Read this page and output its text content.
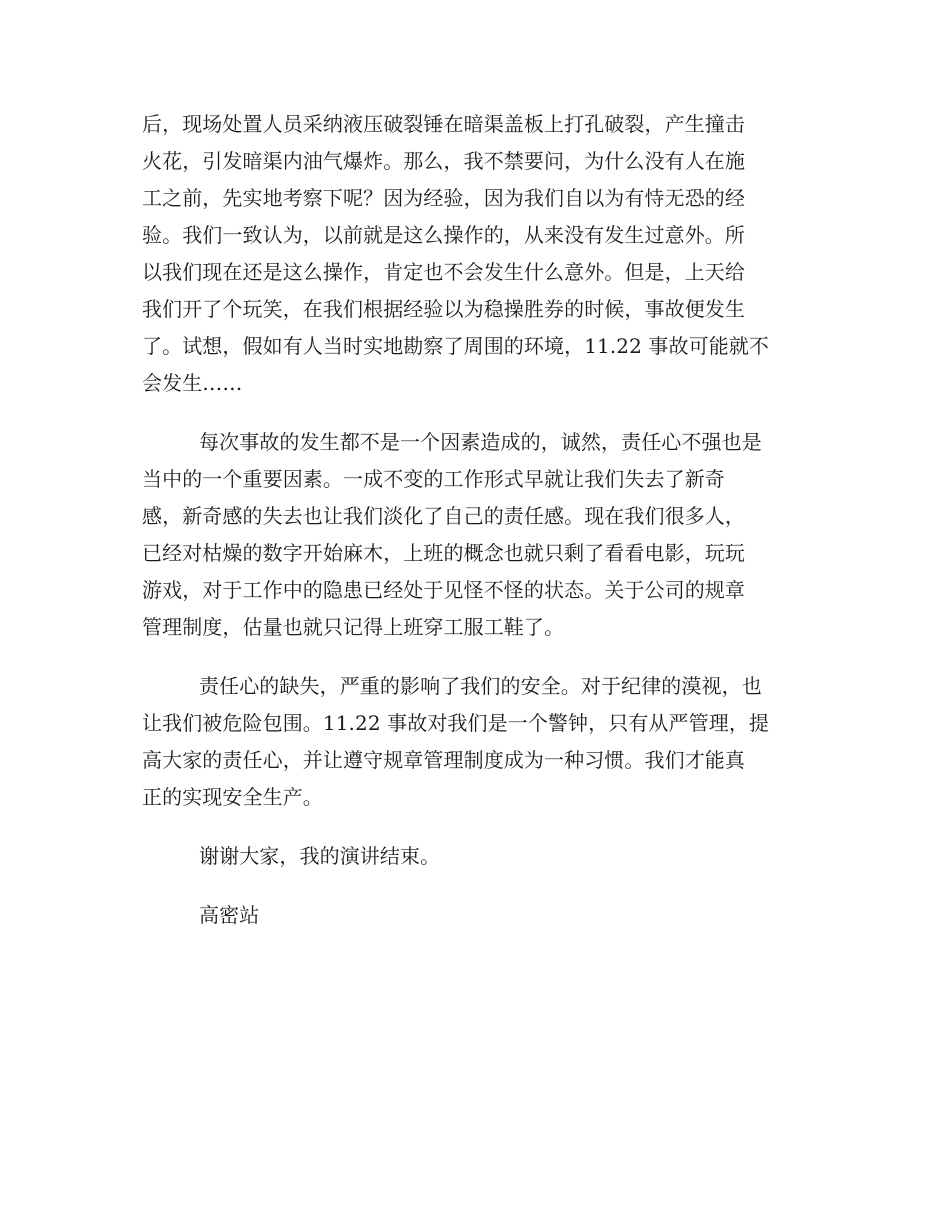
后，现场处置人员采纳液压破裂锤在暗渠盖板上打孔破裂，产生撞击
火花，引发暗渠内油气爆炸。那么，我不禁要问，为什么没有人在施
工之前，先实地考察下呢？因为经验，因为我们自以为有恃无恐的经
验。我们一致认为，以前就是这么操作的，从来没有发生过意外。所
以我们现在还是这么操作，肯定也不会发生什么意外。但是，上天给
我们开了个玩笑，在我们根据经验以为稳操胜券的时候，事故便发生
了。试想，假如有人当时实地勘察了周围的环境，11.22 事故可能就不
会发生……
每次事故的发生都不是一个因素造成的，诚然，责任心不强也是
当中的一个重要因素。一成不变的工作形式早就让我们失去了新奇
感，新奇感的失去也让我们淡化了自己的责任感。现在我们很多人，
已经对枯燥的数字开始麻木，上班的概念也就只剩了看看电影，玩玩
游戏，对于工作中的隐患已经处于见怪不怪的状态。关于公司的规章
管理制度，估量也就只记得上班穿工服工鞋了。
责任心的缺失，严重的影响了我们的安全。对于纪律的漠视，也
让我们被危险包围。11.22 事故对我们是一个警钟，只有从严管理，提
高大家的责任心，并让遵守规章管理制度成为一种习惯。我们才能真
正的实现安全生产。
谢谢大家，我的演讲结束。
高密站
